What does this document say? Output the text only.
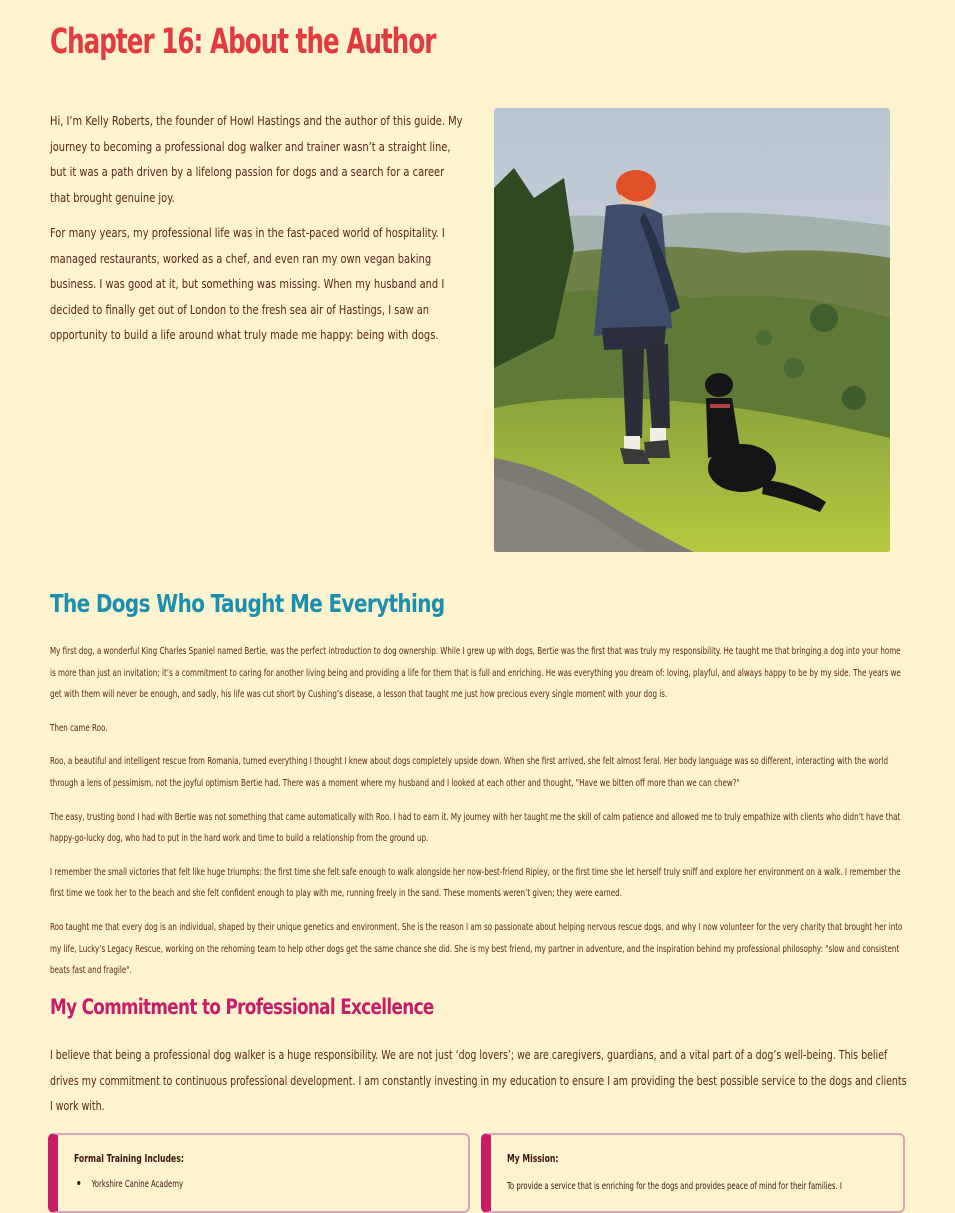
Chapter 16: About the Author

Hi, I’m Kelly Roberts, the founder of Howl Hastings and the author of this guide. My journey to becoming a professional dog walker and trainer wasn’t a straight line, but it was a path driven by a lifelong passion for dogs and a search for a career that brought genuine joy.

For many years, my professional life was in the fast-paced world of hospitality. I managed restaurants, worked as a chef, and even ran my own vegan baking business. I was good at it, but something was missing. When my husband and I decided to finally get out of London to the fresh sea air of Hastings, I saw an opportunity to build a life around what truly made me happy: being with dogs.

The Dogs Who Taught Me Everything

My first dog, a wonderful King Charles Spaniel named Bertie, was the perfect introduction to dog ownership. While I grew up with dogs, Bertie was the first that was truly my responsibility. He taught me that bringing a dog into your home is more than just an invitation; it’s a commitment to caring for another living being and providing a life for them that is full and enriching. He was everything you dream of: loving, playful, and always happy to be by my side. The years we get with them will never be enough, and sadly, his life was cut short by Cushing’s disease, a lesson that taught me just how precious every single moment with your dog is.

Then came Roo.

Roo, a beautiful and intelligent rescue from Romania, turned everything I thought I knew about dogs completely upside down. When she first arrived, she felt almost feral. Her body language was so different, interacting with the world through a lens of pessimism, not the joyful optimism Bertie had. There was a moment where my husband and I looked at each other and thought, "Have we bitten off more than we can chew?"

The easy, trusting bond I had with Bertie was not something that came automatically with Roo. I had to earn it. My journey with her taught me the skill of calm patience and allowed me to truly empathize with clients who didn’t have that happy-go-lucky dog, who had to put in the hard work and time to build a relationship from the ground up.

I remember the small victories that felt like huge triumphs: the first time she felt safe enough to walk alongside her now-best-friend Ripley, or the first time she let herself truly sniff and explore her environment on a walk. I remember the first time we took her to the beach and she felt confident enough to play with me, running freely in the sand. These moments weren’t given; they were earned.

Roo taught me that every dog is an individual, shaped by their unique genetics and environment. She is the reason I am so passionate about helping nervous rescue dogs, and why I now volunteer for the very charity that brought her into my life, Lucky’s Legacy Rescue, working on the rehoming team to help other dogs get the same chance she did. She is my best friend, my partner in adventure, and the inspiration behind my professional philosophy: "slow and consistent beats fast and fragile".

My Commitment to Professional Excellence

I believe that being a professional dog walker is a huge responsibility. We are not just ‘dog lovers’; we are caregivers, guardians, and a vital part of a dog’s well-being. This belief drives my commitment to continuous professional development. I am constantly investing in my education to ensure I am providing the best possible service to the dogs and clients I work with.

Formal Training Includes:
Yorkshire Canine Academy
My Mission:
To provide a service that is enriching for the dogs and provides peace of mind for their families. I
